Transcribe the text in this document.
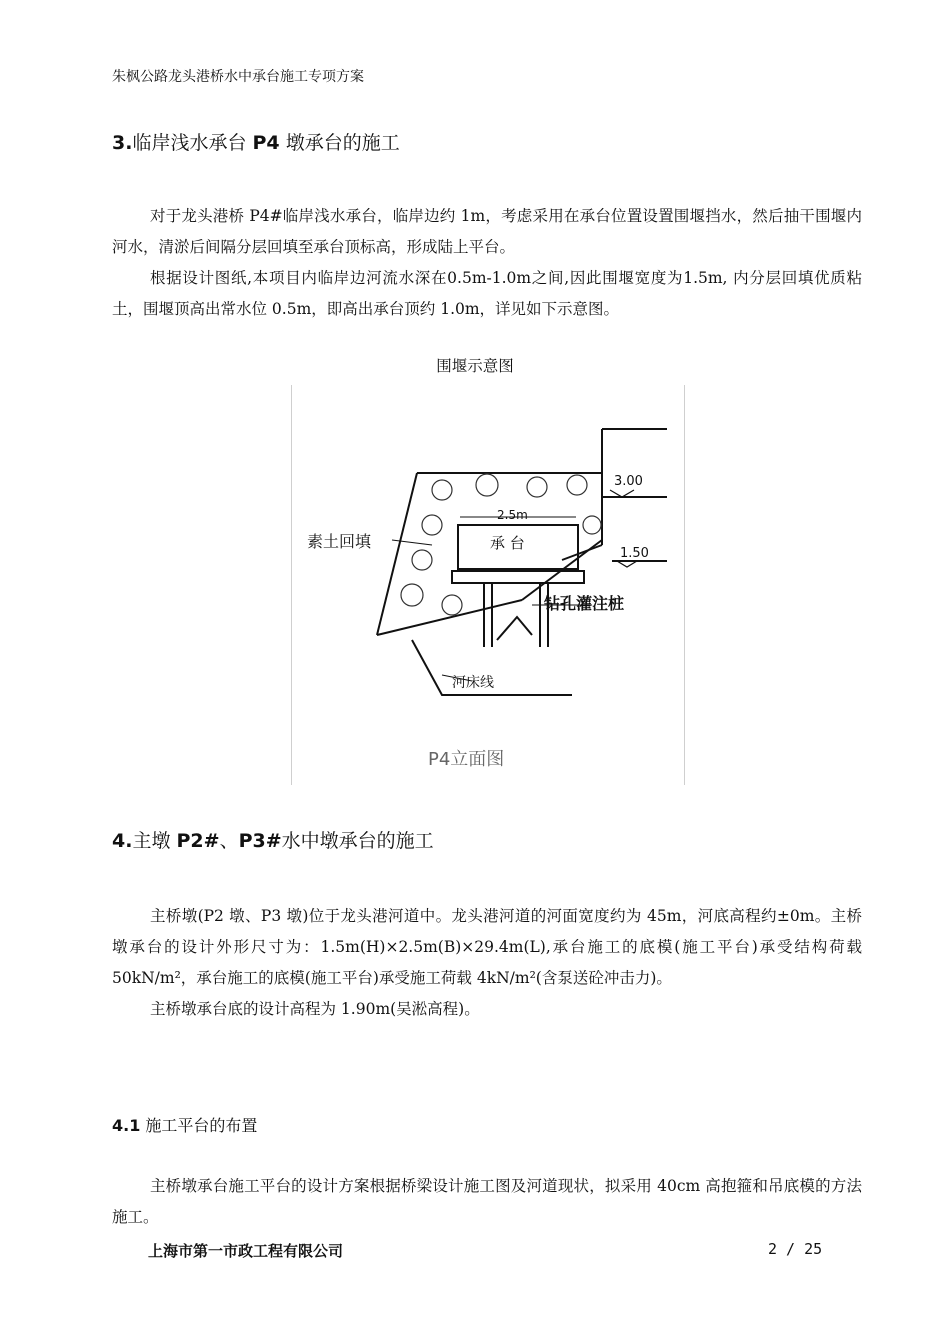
朱枫公路龙头港桥水中承台施工专项方案
3.临岸浅水承台 P4 墩承台的施工

对于龙头港桥 P4#临岸浅水承台，临岸边约 1m，考虑采用在承台位置设置围堰挡水，然后抽干围堰内河水，清淤后间隔分层回填至承台顶标高，形成陆上平台。

根据设计图纸,本项目内临岸边河流水深在0.5m-1.0m之间,因此围堰宽度为1.5m, 内分层回填优质粘土，围堰顶高出常水位 0.5m，即高出承台顶约 1.0m，详见如下示意图。

围堰示意图
素土回填
2.5m
承 台
3.00
1.50
钻孔灌注桩
河床线
P4立面图
4.主墩 P2#、P3#水中墩承台的施工

主桥墩(P2 墩、P3 墩)位于龙头港河道中。龙头港河道的河面宽度约为 45m，河底高程约±0m。主桥墩承台的设计外形尺寸为：1.5m(H)×2.5m(B)×29.4m(L),承台施工的底模(施工平台)承受结构荷载50kN/m²，承台施工的底模(施工平台)承受施工荷载 4kN/m²(含泵送砼冲击力)。

主桥墩承台底的设计高程为 1.90m(吴淞高程)。

4.1 施工平台的布置

主桥墩承台施工平台的设计方案根据桥梁设计施工图及河道现状，拟采用 40cm 高抱箍和吊底模的方法施工。

上海市第一市政工程有限公司	2 / 25
